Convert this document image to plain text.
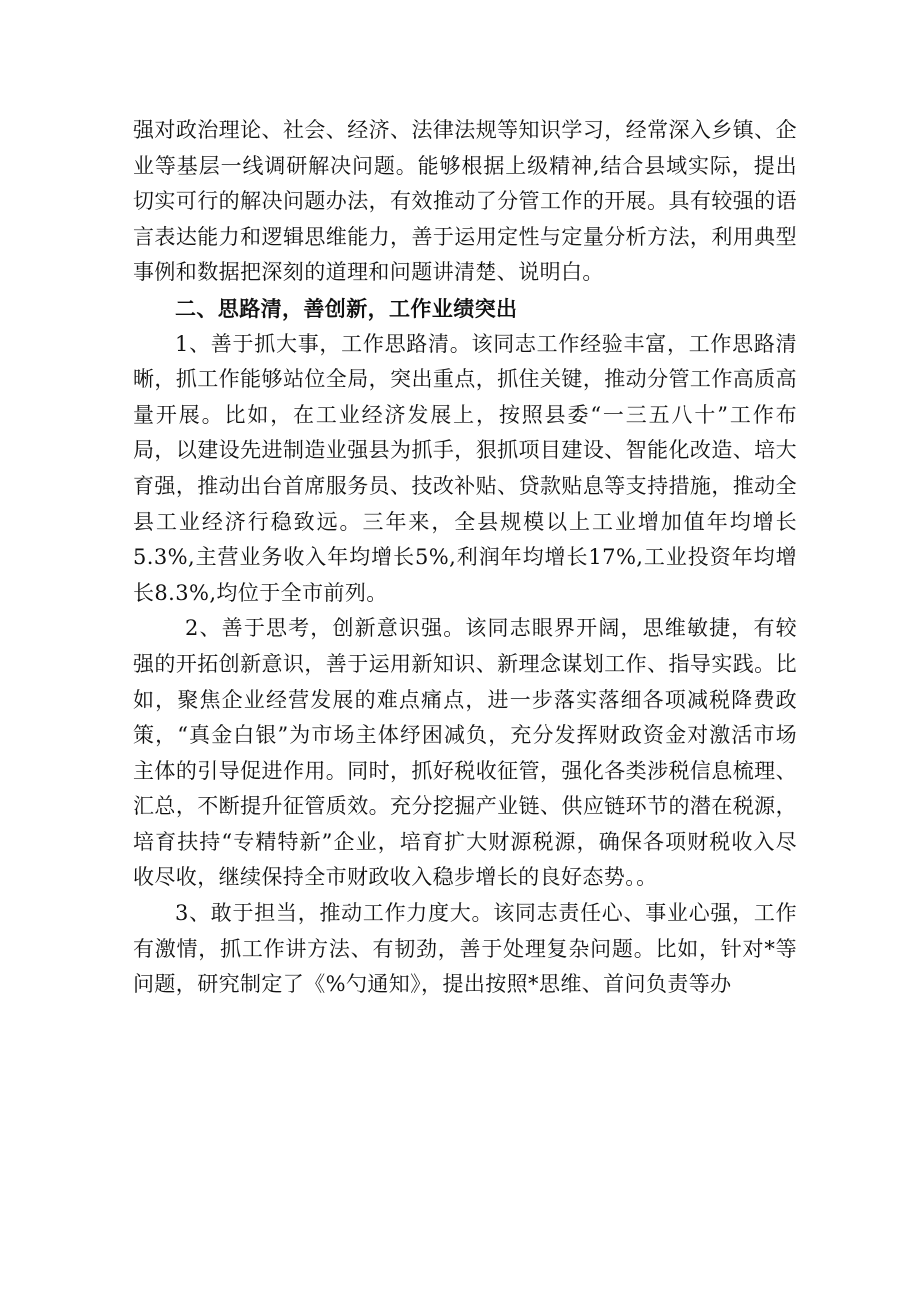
强对政治理论、社会、经济、法律法规等知识学习，经常深入乡镇、企业等基层一线调研解决问题。能够根据上级精神,结合县域实际，提出切实可行的解决问题办法，有效推动了分管工作的开展。具有较强的语言表达能力和逻辑思维能力，善于运用定性与定量分析方法，利用典型事例和数据把深刻的道理和问题讲清楚、说明白。

二、思路清，善创新，工作业绩突出

1、善于抓大事，工作思路清。该同志工作经验丰富，工作思路清晰，抓工作能够站位全局，突出重点，抓住关键，推动分管工作高质高量开展。比如，在工业经济发展上，按照县委“一三五八十”工作布局，以建设先进制造业强县为抓手，狠抓项目建设、智能化改造、培大育强，推动出台首席服务员、技改补贴、贷款贴息等支持措施，推动全县工业经济行稳致远。三年来，全县规模以上工业增加值年均增长5.3%,主营业务收入年均增长5%,利润年均增长17%,工业投资年均增长8.3%,均位于全市前列。

2、善于思考，创新意识强。该同志眼界开阔，思维敏捷，有较强的开拓创新意识，善于运用新知识、新理念谋划工作、指导实践。比如，聚焦企业经营发展的难点痛点，进一步落实落细各项减税降费政策，“真金白银”为市场主体纾困减负，充分发挥财政资金对激活市场主体的引导促进作用。同时，抓好税收征管，强化各类涉税信息梳理、汇总，不断提升征管质效。充分挖掘产业链、供应链环节的潜在税源，培育扶持“专精特新”企业，培育扩大财源税源，确保各项财税收入尽收尽收，继续保持全市财政收入稳步增长的良好态势。。

3、敢于担当，推动工作力度大。该同志责任心、事业心强，工作有激情，抓工作讲方法、有韧劲，善于处理复杂问题。比如，针对*等问题，研究制定了《%勺通知》，提出按照*思维、首问负责等办
